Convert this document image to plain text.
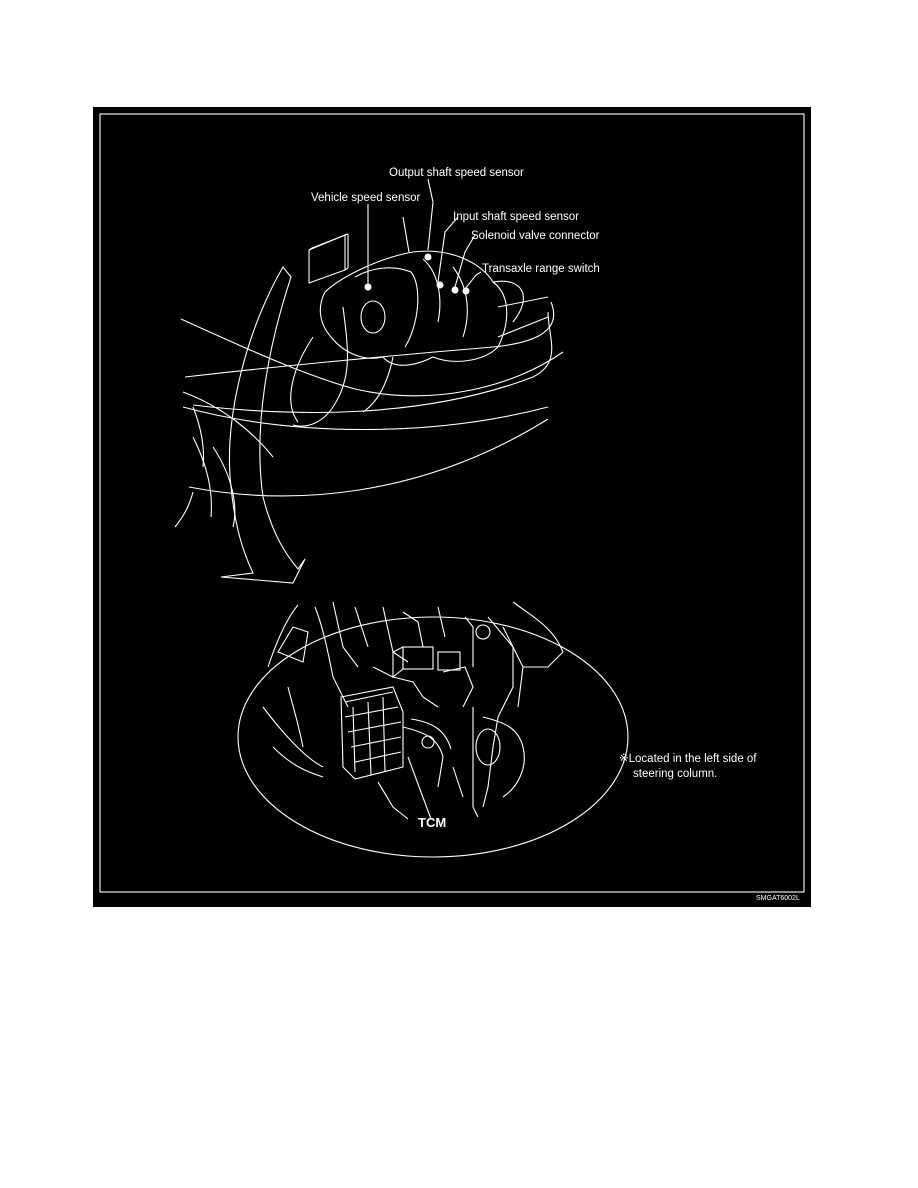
Output shaft speed sensor
Vehicle speed sensor
Input shaft speed sensor
Solenoid valve connector
Transaxle range switch
TCM
※Located in the left side of
steering column.
SMGAT6002L
